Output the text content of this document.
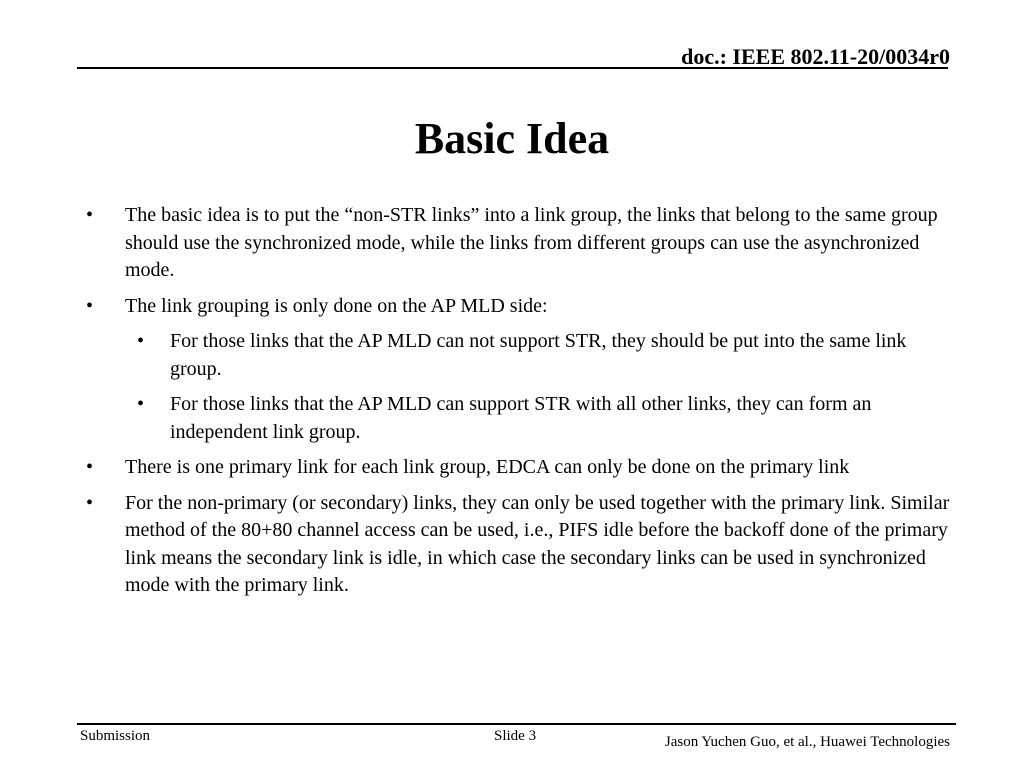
doc.: IEEE 802.11-20/0034r0
Basic Idea
• The basic idea is to put the “non-STR links” into a link group, the links that belong to the same group should use the synchronized mode, while the links from different groups can use the asynchronized mode.
• The link grouping is only done on the AP MLD side:
• For those links that the AP MLD can not support STR, they should be put into the same link group.
• For those links that the AP MLD can support STR with all other links, they can form an independent link group.
• There is one primary link for each link group, EDCA can only be done on the primary link
• For the non-primary (or secondary) links, they can only be used together with the primary link. Similar method of the 80+80 channel access can be used, i.e., PIFS idle before the backoff done of the primary link means the secondary link is idle, in which case the secondary links can be used in synchronized mode with the primary link.
Submission	Slide 3	Jason Yuchen Guo, et al., Huawei Technologies
